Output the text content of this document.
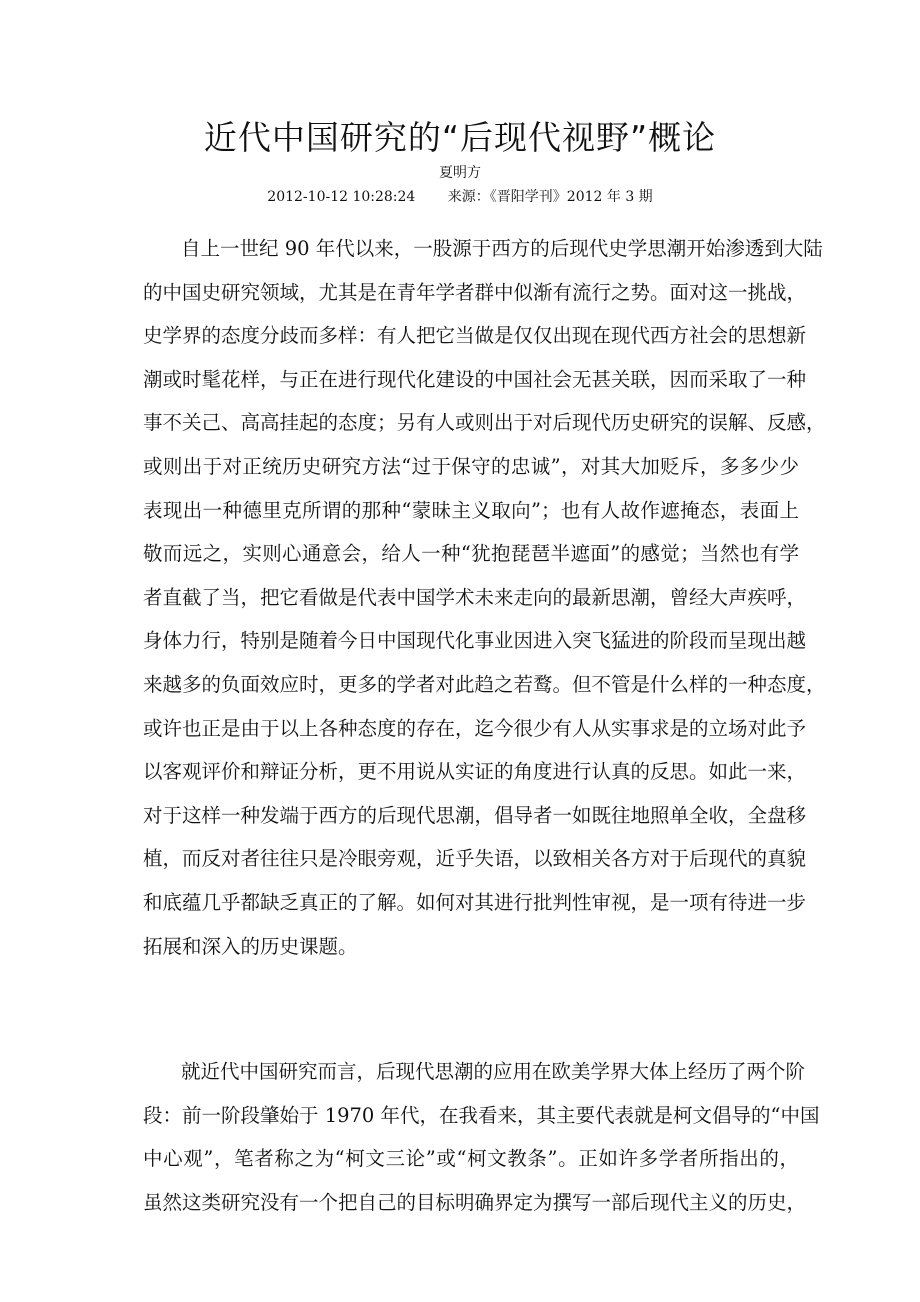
近代中国研究的“后现代视野”概论
夏明方
2012-10-12 10:28:24 来源：《晋阳学刊》2012 年 3 期
自上一世纪 90 年代以来，一股源于西方的后现代史学思潮开始渗透到大陆
的中国史研究领域，尤其是在青年学者群中似渐有流行之势。面对这一挑战，
史学界的态度分歧而多样：有人把它当做是仅仅出现在现代西方社会的思想新
潮或时髦花样，与正在进行现代化建设的中国社会无甚关联，因而采取了一种
事不关己、高高挂起的态度；另有人或则出于对后现代历史研究的误解、反感，
或则出于对正统历史研究方法“过于保守的忠诚”，对其大加贬斥，多多少少
表现出一种德里克所谓的那种“蒙昧主义取向”；也有人故作遮掩态，表面上
敬而远之，实则心通意会，给人一种“犹抱琵琶半遮面”的感觉；当然也有学
者直截了当，把它看做是代表中国学术未来走向的最新思潮，曾经大声疾呼，
身体力行，特别是随着今日中国现代化事业因进入突飞猛进的阶段而呈现出越
来越多的负面效应时，更多的学者对此趋之若鹜。但不管是什么样的一种态度，
或许也正是由于以上各种态度的存在，迄今很少有人从实事求是的立场对此予
以客观评价和辩证分析，更不用说从实证的角度进行认真的反思。如此一来，
对于这样一种发端于西方的后现代思潮，倡导者一如既往地照单全收，全盘移
植，而反对者往往只是冷眼旁观，近乎失语，以致相关各方对于后现代的真貌
和底蕴几乎都缺乏真正的了解。如何对其进行批判性审视，是一项有待进一步
拓展和深入的历史课题。
就近代中国研究而言，后现代思潮的应用在欧美学界大体上经历了两个阶
段：前一阶段肇始于 1970 年代，在我看来，其主要代表就是柯文倡导的“中国
中心观”，笔者称之为“柯文三论”或“柯文教条”。正如许多学者所指出的，
虽然这类研究没有一个把自己的目标明确界定为撰写一部后现代主义的历史，
